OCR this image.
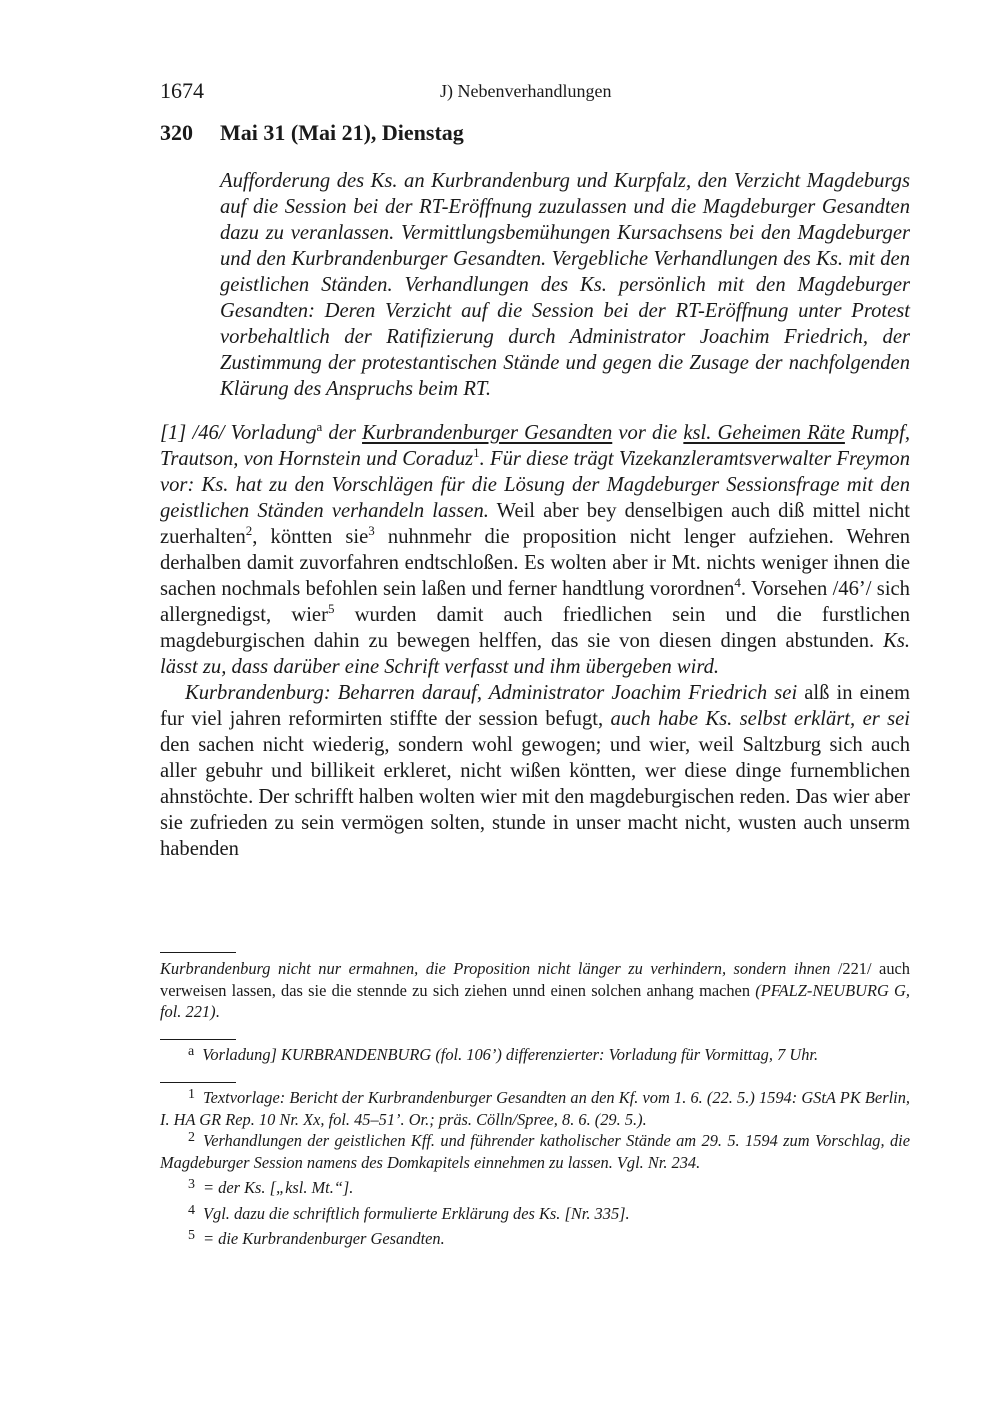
1674	J) Nebenverhandlungen
320 Mai 31 (Mai 21), Dienstag
Aufforderung des Ks. an Kurbrandenburg und Kurpfalz, den Verzicht Magdeburgs auf die Session bei der RT-Eröffnung zuzulassen und die Magdeburger Gesandten dazu zu veranlassen. Vermittlungsbemühungen Kursachsens bei den Magdeburger und den Kurbrandenburger Gesandten. Vergebliche Verhandlungen des Ks. mit den geistlichen Ständen. Verhandlungen des Ks. persönlich mit den Magdeburger Gesandten: Deren Verzicht auf die Session bei der RT-Eröffnung unter Protest vorbehaltlich der Ratifizierung durch Administrator Joachim Friedrich, der Zustimmung der protestantischen Stände und gegen die Zusage der nachfolgenden Klärung des Anspruchs beim RT.

[1] /46/ Vorladung$^a$ der Kurbrandenburger Gesandten vor die ksl. Geheimen Räte Rumpf, Trautson, von Hornstein und Coraduz$^1$. Für diese trägt Vizekanzleramtsverwalter Freymon vor: Ks. hat zu den Vorschlägen für die Lösung der Magdeburger Sessionsfrage mit den geistlichen Ständen verhandeln lassen. Weil aber bey denselbigen auch diß mittel nicht zuerhalten$^2$, köntten sie$^3$ nuhnmehr die proposition nicht lenger aufziehen. Wehren derhalben damit zuvorfahren endtschloßen. Es wolten aber ir Mt. nichts weniger ihnen die sachen nochmals befohlen sein laßen und ferner handtlung vorordnen$^4$. Vorsehen /46’/ sich allergnedigst, wier$^5$ wurden damit auch friedlichen sein und die furstlichen magdeburgischen dahin zu bewegen helffen, das sie von diesen dingen abstunden. Ks. lässt zu, dass darüber eine Schrift verfasst und ihm übergeben wird.

Kurbrandenburg: Beharren darauf, Administrator Joachim Friedrich sei alß in einem fur viel jahren reformirten stiffte der session befugt, auch habe Ks. selbst erklärt, er sei den sachen nicht wiederig, sondern wohl gewogen; und wier, weil Saltzburg sich auch aller gebuhr und billikeit erkleret, nicht wißen köntten, wer diese dinge furnemblichen ahnstöchte. Der schrifft halben wolten wier mit den magdeburgischen reden. Das wier aber sie zufrieden zu sein vermögen solten, stunde in unser macht nicht, wusten auch unserm habenden

Kurbrandenburg nicht nur ermahnen, die Proposition nicht länger zu verhindern, sondern ihnen /221/ auch verweisen lassen, das sie die stennde zu sich ziehen unnd einen solchen anhang machen (PFALZ-NEUBURG G, fol. 221).

a Vorladung] KURBRANDENBURG (fol. 106’) differenzierter: Vorladung für Vormittag, 7 Uhr.

1 Textvorlage: Bericht der Kurbrandenburger Gesandten an den Kf. vom 1. 6. (22. 5.) 1594: GStA PK Berlin, I. HA GR Rep. 10 Nr. Xx, fol. 45–51’. Or.; präs. Cölln/Spree, 8. 6. (29. 5.).

2 Verhandlungen der geistlichen Kff. und führender katholischer Stände am 29. 5. 1594 zum Vorschlag, die Magdeburger Session namens des Domkapitels einnehmen zu lassen. Vgl. Nr. 234.

3 = der Ks. [„ksl. Mt.“].

4 Vgl. dazu die schriftlich formulierte Erklärung des Ks. [Nr. 335].

5 = die Kurbrandenburger Gesandten.
